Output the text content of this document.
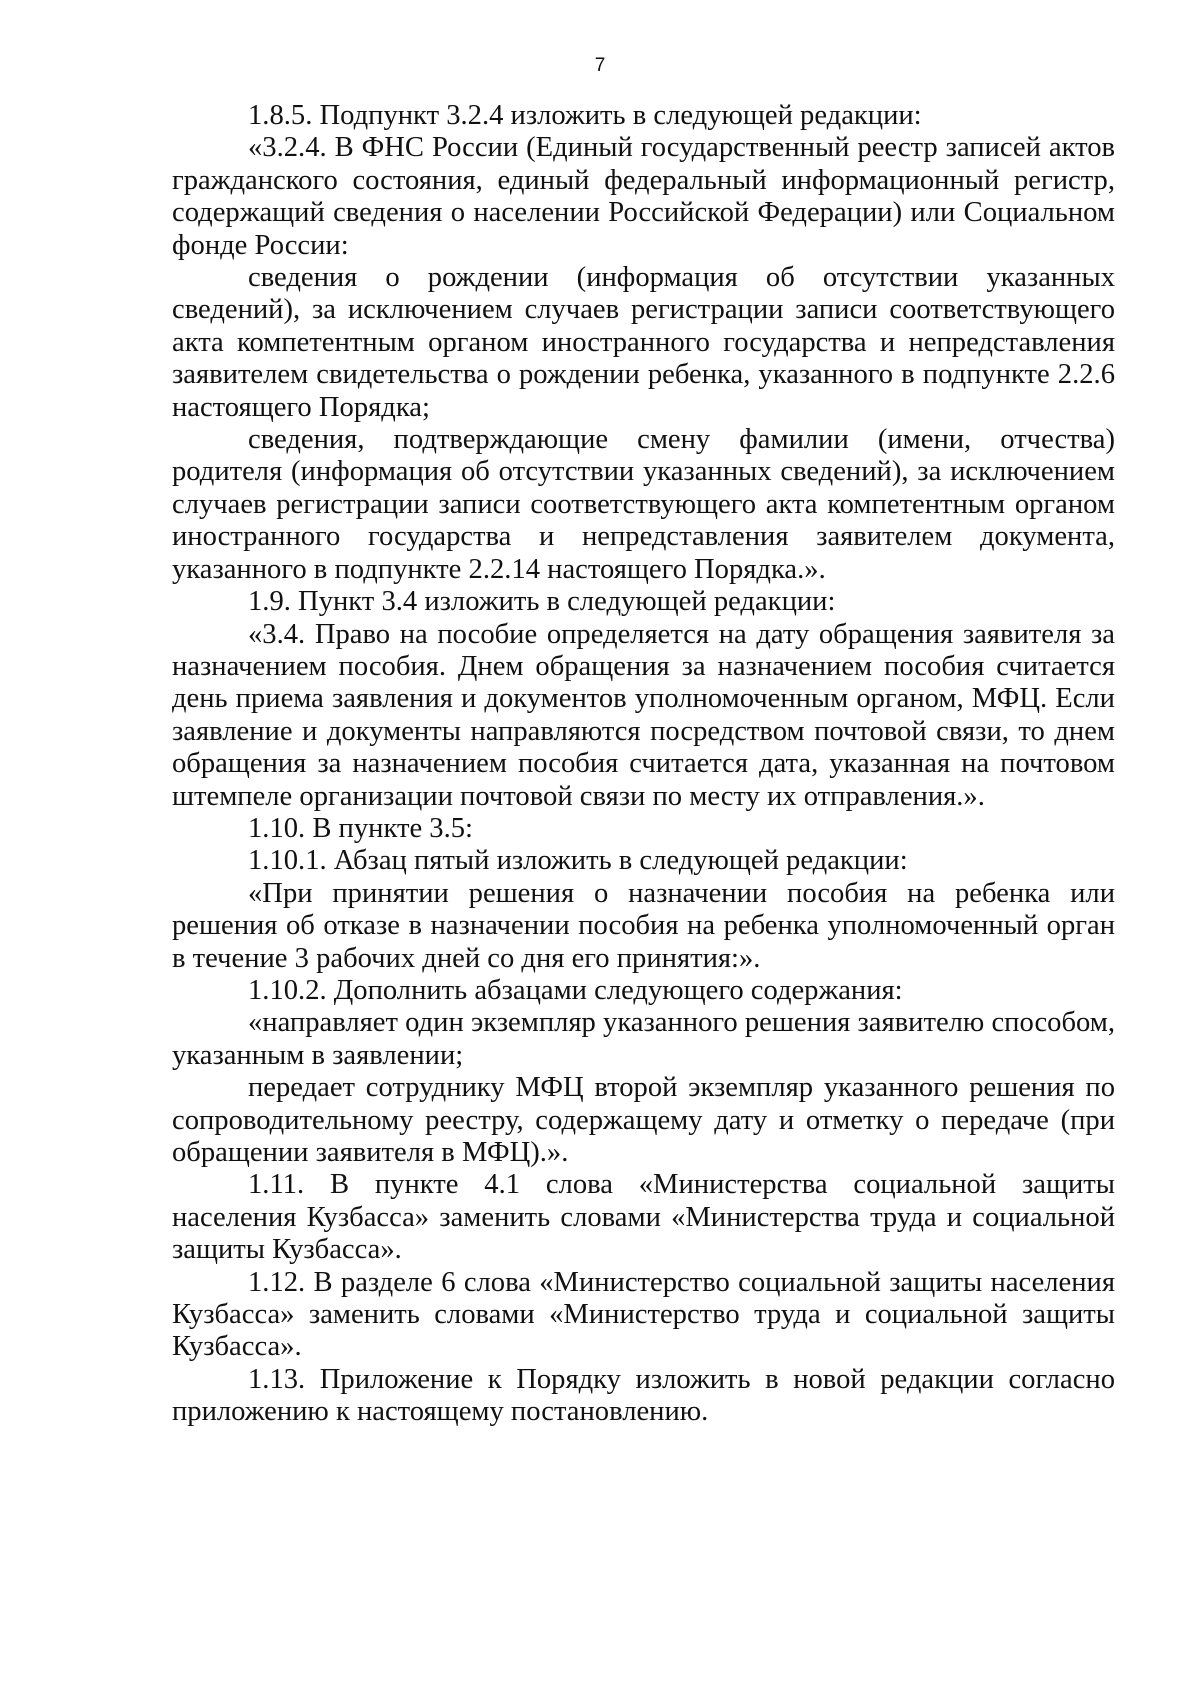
7

1.8.5. Подпункт 3.2.4 изложить в следующей редакции:

«3.2.4. В ФНС России (Единый государственный реестр записей актов гражданского состояния, единый федеральный информационный регистр, содержащий сведения о населении Российской Федерации) или Социальном фонде России:

сведения о рождении (информация об отсутствии указанных сведений), за исключением случаев регистрации записи соответствующего акта компетентным органом иностранного государства и непредставления заявителем свидетельства о рождении ребенка, указанного в подпункте 2.2.6 настоящего Порядка;

сведения, подтверждающие смену фамилии (имени, отчества) родителя (информация об отсутствии указанных сведений), за исключением случаев регистрации записи соответствующего акта компетентным органом иностранного государства и непредставления заявителем документа, указанного в подпункте 2.2.14 настоящего Порядка.».

1.9. Пункт 3.4 изложить в следующей редакции:

«3.4. Право на пособие определяется на дату обращения заявителя за назначением пособия. Днем обращения за назначением пособия считается день приема заявления и документов уполномоченным органом, МФЦ. Если заявление и документы направляются посредством почтовой связи, то днем обращения за назначением пособия считается дата, указанная на почтовом штемпеле организации почтовой связи по месту их отправления.».

1.10. В пункте 3.5:

1.10.1. Абзац пятый изложить в следующей редакции:

«При принятии решения о назначении пособия на ребенка или решения об отказе в назначении пособия на ребенка уполномоченный орган в течение 3 рабочих дней со дня его принятия:».

1.10.2. Дополнить абзацами следующего содержания:

«направляет один экземпляр указанного решения заявителю способом, указанным в заявлении;

передает сотруднику МФЦ второй экземпляр указанного решения по сопроводительному реестру, содержащему дату и отметку о передаче (при обращении заявителя в МФЦ).».

1.11. В пункте 4.1 слова «Министерства социальной защиты населения Кузбасса» заменить словами «Министерства труда и социальной защиты Кузбасса».

1.12. В разделе 6 слова «Министерство социальной защиты населения Кузбасса» заменить словами «Министерство труда и социальной защиты Кузбасса».

1.13. Приложение к Порядку изложить в новой редакции согласно приложению к настоящему постановлению.
